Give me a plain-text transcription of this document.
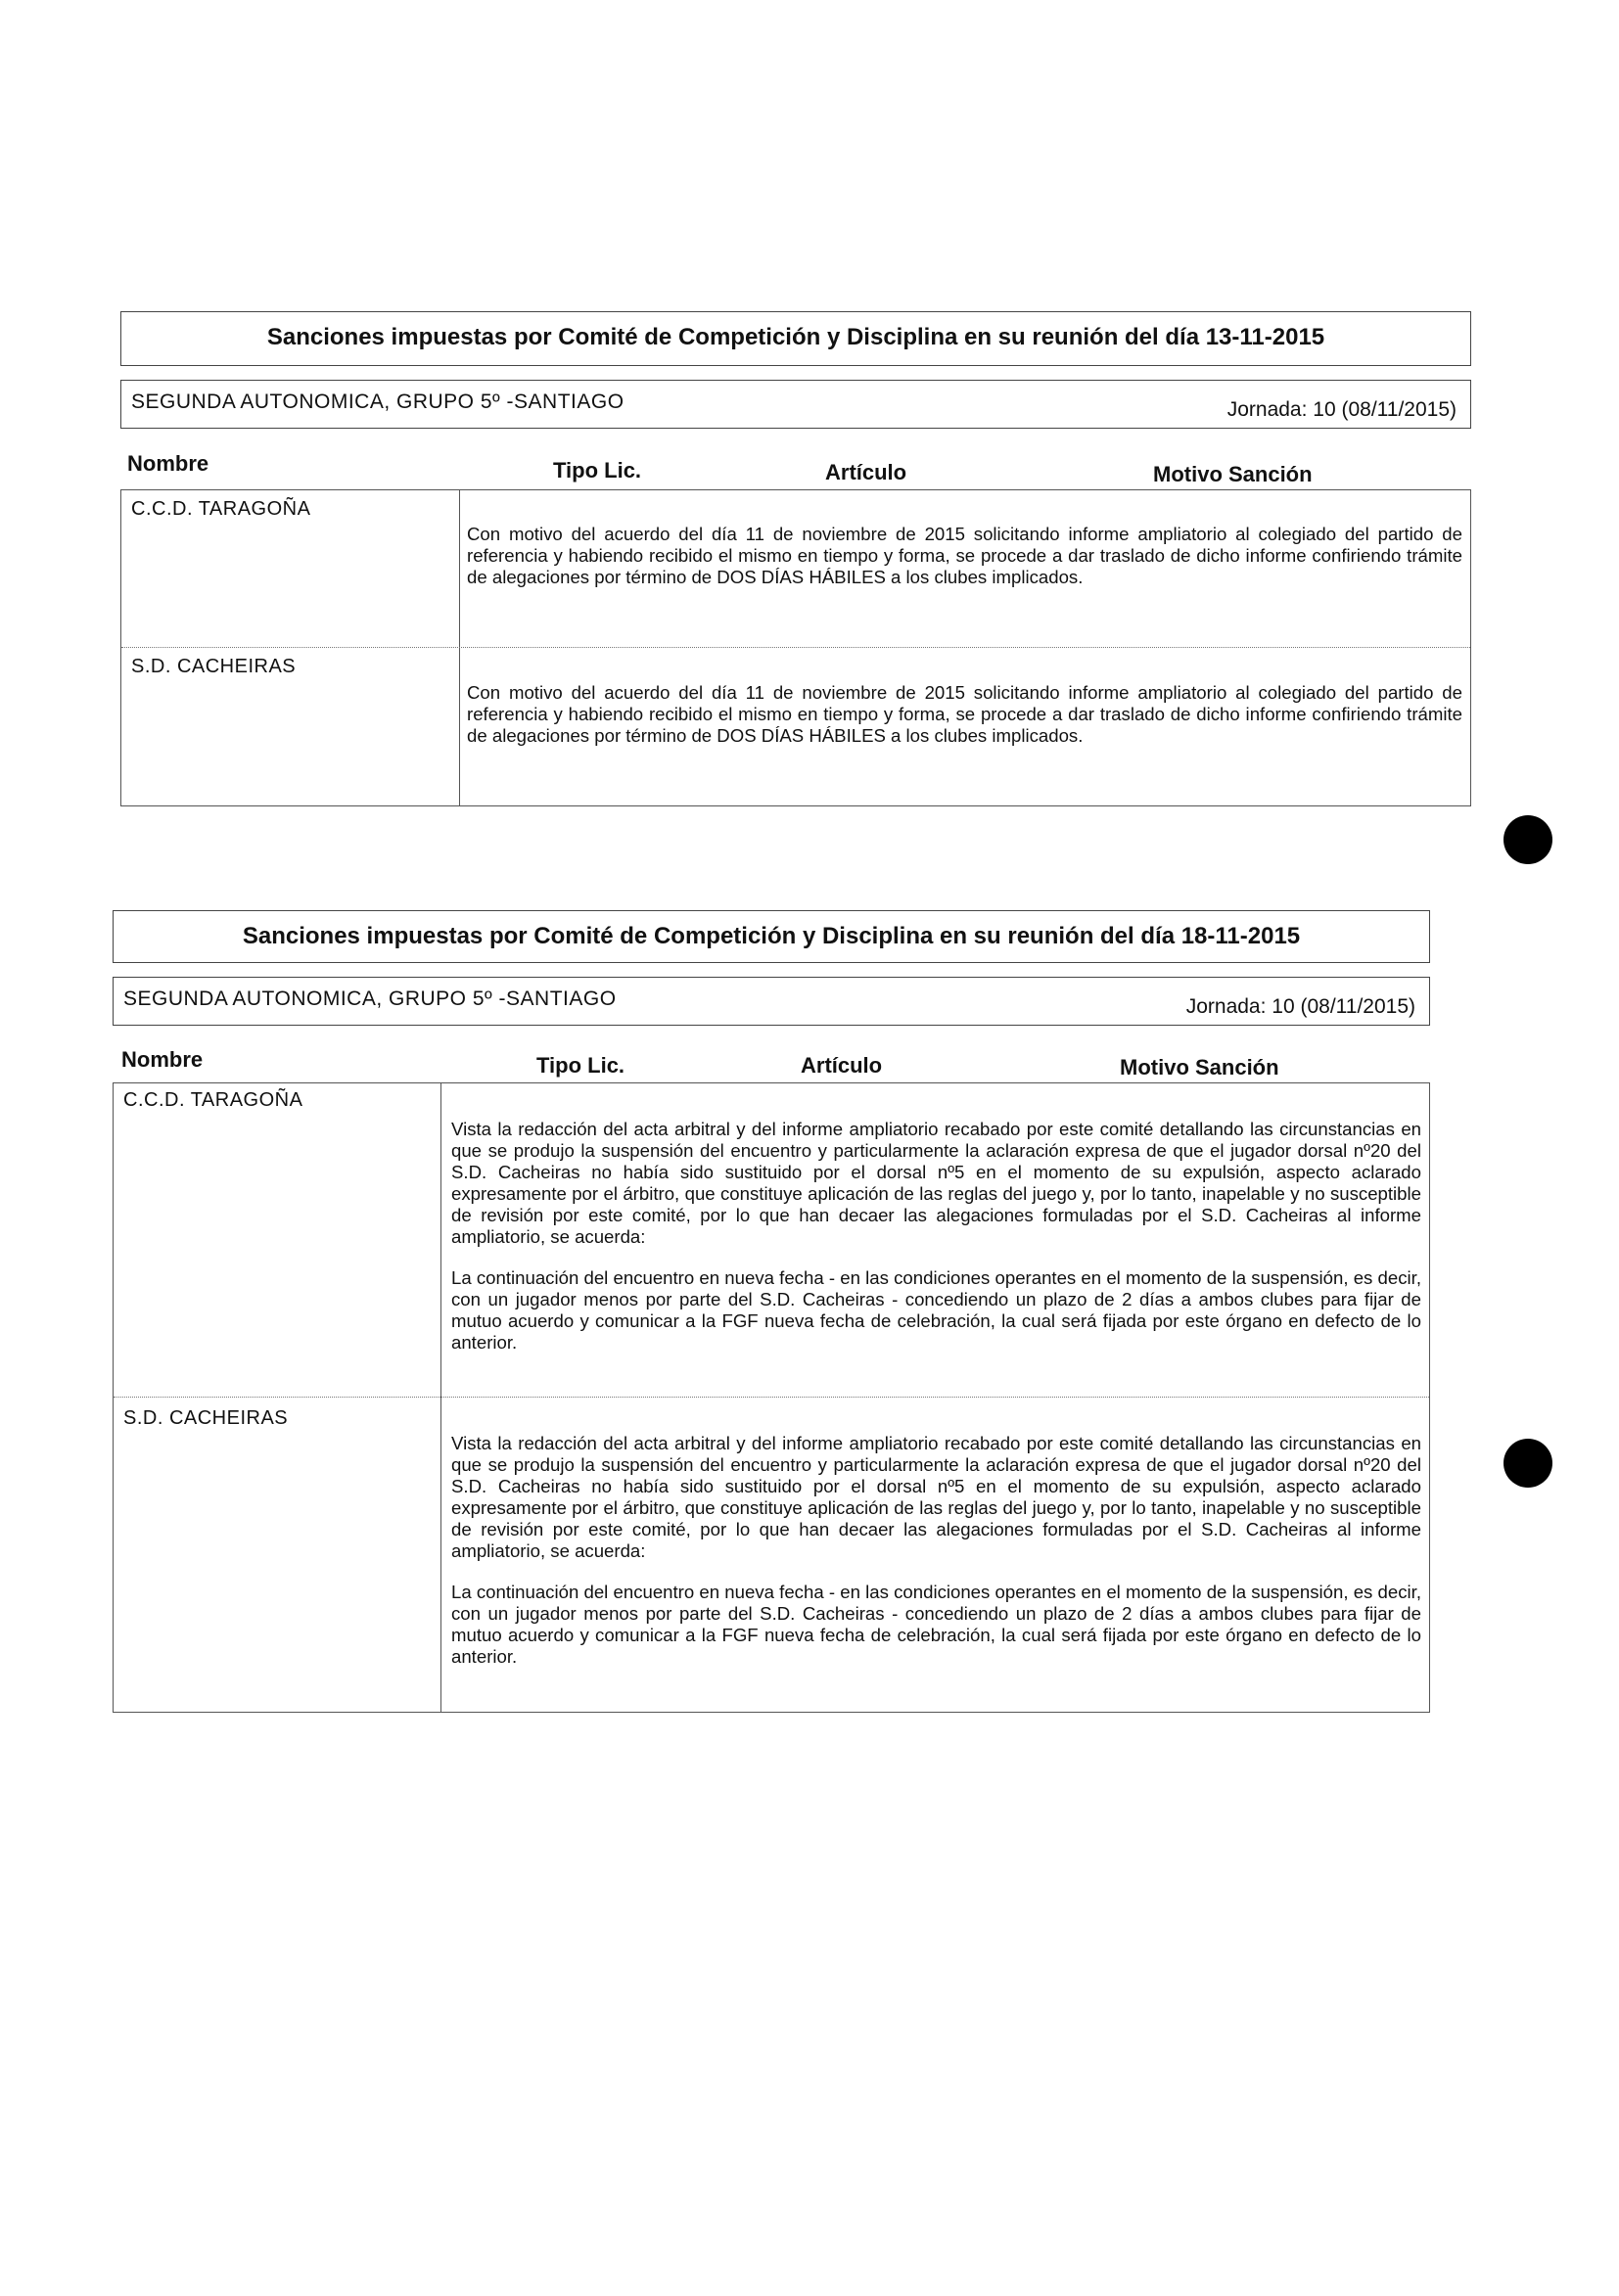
Sanciones impuestas por Comité de Competición y Disciplina en su reunión del día 13-11-2015
SEGUNDA AUTONOMICA, GRUPO 5º -SANTIAGO	Jornada: 10 (08/11/2015)
Nombre	Tipo Lic.	Artículo	Motivo Sanción
C.C.D. TARAGOÑA

Con motivo del acuerdo del día 11 de noviembre de 2015 solicitando informe ampliatorio al colegiado del partido de referencia y habiendo recibido el mismo en tiempo y forma, se procede a dar traslado de dicho informe confiriendo trámite de alegaciones por término de DOS DÍAS HÁBILES a los clubes implicados.

S.D. CACHEIRAS

Con motivo del acuerdo del día 11 de noviembre de 2015 solicitando informe ampliatorio al colegiado del partido de referencia y habiendo recibido el mismo en tiempo y forma, se procede a dar traslado de dicho informe confiriendo trámite de alegaciones por término de DOS DÍAS HÁBILES a los clubes implicados.

Sanciones impuestas por Comité de Competición y Disciplina en su reunión del día 18-11-2015
SEGUNDA AUTONOMICA, GRUPO 5º -SANTIAGO	Jornada: 10 (08/11/2015)
Nombre	Tipo Lic.	Artículo	Motivo Sanción
C.C.D. TARAGOÑA

Vista la redacción del acta arbitral y del informe ampliatorio recabado por este comité detallando las circunstancias en que se produjo la suspensión del encuentro y particularmente la aclaración expresa de que el jugador dorsal nº20 del S.D. Cacheiras no había sido sustituido por el dorsal nº5 en el momento de su expulsión, aspecto aclarado expresamente por el árbitro, que constituye aplicación de las reglas del juego y, por lo tanto, inapelable y no susceptible de revisión por este comité, por lo que han decaer las alegaciones formuladas por el S.D. Cacheiras al informe ampliatorio, se acuerda:

La continuación del encuentro en nueva fecha - en las condiciones operantes en el momento de la suspensión, es decir, con un jugador menos por parte del S.D. Cacheiras - concediendo un plazo de 2 días a ambos clubes para fijar de mutuo acuerdo y comunicar a la FGF nueva fecha de celebración, la cual será fijada por este órgano en defecto de lo anterior.

S.D. CACHEIRAS

Vista la redacción del acta arbitral y del informe ampliatorio recabado por este comité detallando las circunstancias en que se produjo la suspensión del encuentro y particularmente la aclaración expresa de que el jugador dorsal nº20 del S.D. Cacheiras no había sido sustituido por el dorsal nº5 en el momento de su expulsión, aspecto aclarado expresamente por el árbitro, que constituye aplicación de las reglas del juego y, por lo tanto, inapelable y no susceptible de revisión por este comité, por lo que han decaer las alegaciones formuladas por el S.D. Cacheiras al informe ampliatorio, se acuerda:

La continuación del encuentro en nueva fecha - en las condiciones operantes en el momento de la suspensión, es decir, con un jugador menos por parte del S.D. Cacheiras - concediendo un plazo de 2 días a ambos clubes para fijar de mutuo acuerdo y comunicar a la FGF nueva fecha de celebración, la cual será fijada por este órgano en defecto de lo anterior.
